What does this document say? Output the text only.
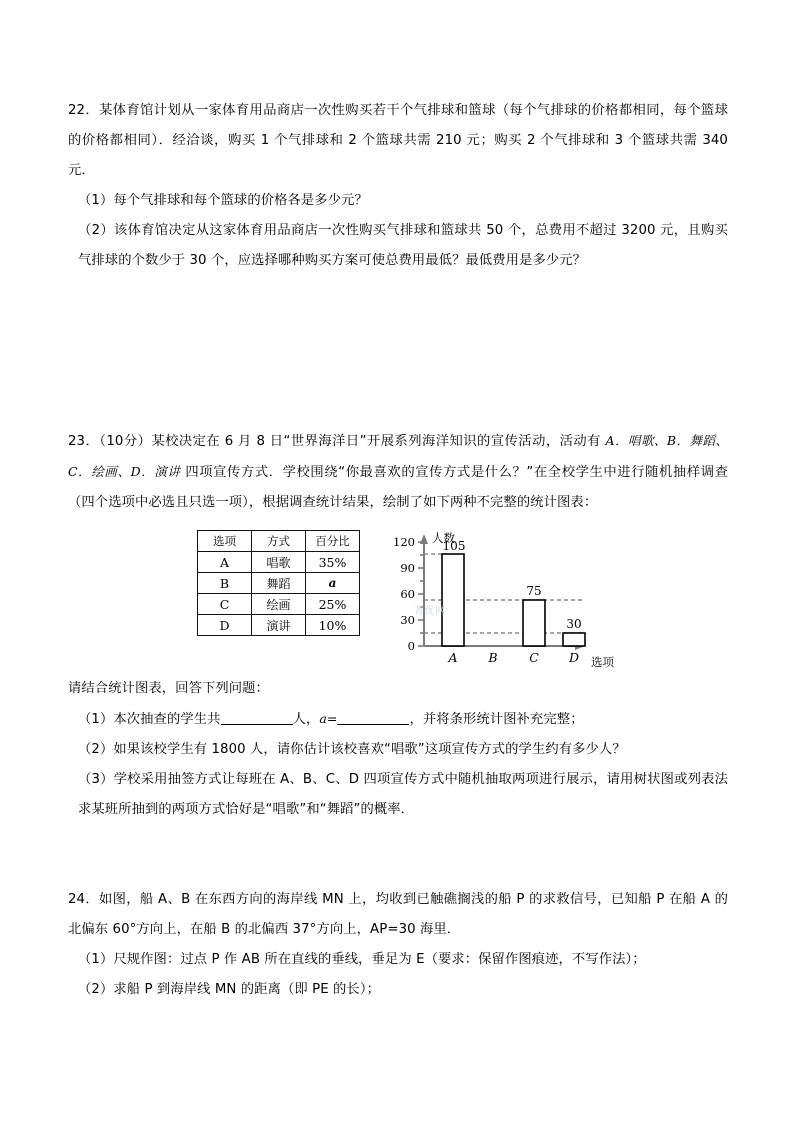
22．某体育馆计划从一家体育用品商店一次性购买若干个气排球和篮球（每个气排球的价格都相同，每个篮球的价格都相同）．经洽谈，购买 1 个气排球和 2 个篮球共需 210 元；购买 2 个气排球和 3 个篮球共需 340 元．

（1）每个气排球和每个篮球的价格各是多少元？

（2）该体育馆决定从这家体育用品商店一次性购买气排球和篮球共 50 个，总费用不超过 3200 元，且购买气排球的个数少于 30 个，应选择哪种购买方案可使总费用最低？最低费用是多少元？

23．（10分）某校决定在 6 月 8 日“世界海洋日”开展系列海洋知识的宣传活动，活动有 A．唱歌、B．舞蹈、C．绘画、D．演讲 四项宣传方式．学校围绕“你最喜欢的宣传方式是什么？”在全校学生中进行随机抽样调查（四个选项中必选且只选一项），根据调查统计结果，绘制了如下两种不完整的统计图表：

选项	方式	百分比
A	唱歌	35%
B	舞蹈	a
C	绘画	25%
D	演讲	10%
0
30
60
90
120 105
75
30
A B	C D
人数
选项
菁优网

请结合统计图表，回答下列问题：

（1）本次抽查的学生共	人，a=	，并将条形统计图补充完整；

（2）如果该校学生有 1800 人，请你估计该校喜欢“唱歌”这项宣传方式的学生约有多少人？

（3）学校采用抽签方式让每班在 A、B、C、D 四项宣传方式中随机抽取两项进行展示，请用树状图或列表法求某班所抽到的两项方式恰好是“唱歌”和“舞蹈”的概率．

24．如图，船 A、B 在东西方向的海岸线 MN 上，均收到已触礁搁浅的船 P 的求救信号，已知船 P 在船 A 的北偏东 60°方向上，在船 B 的北偏西 37°方向上，AP=30 海里．

（1）尺规作图：过点 P 作 AB 所在直线的垂线，垂足为 E（要求：保留作图痕迹，不写作法）；

（2）求船 P 到海岸线 MN 的距离（即 PE 的长）；
